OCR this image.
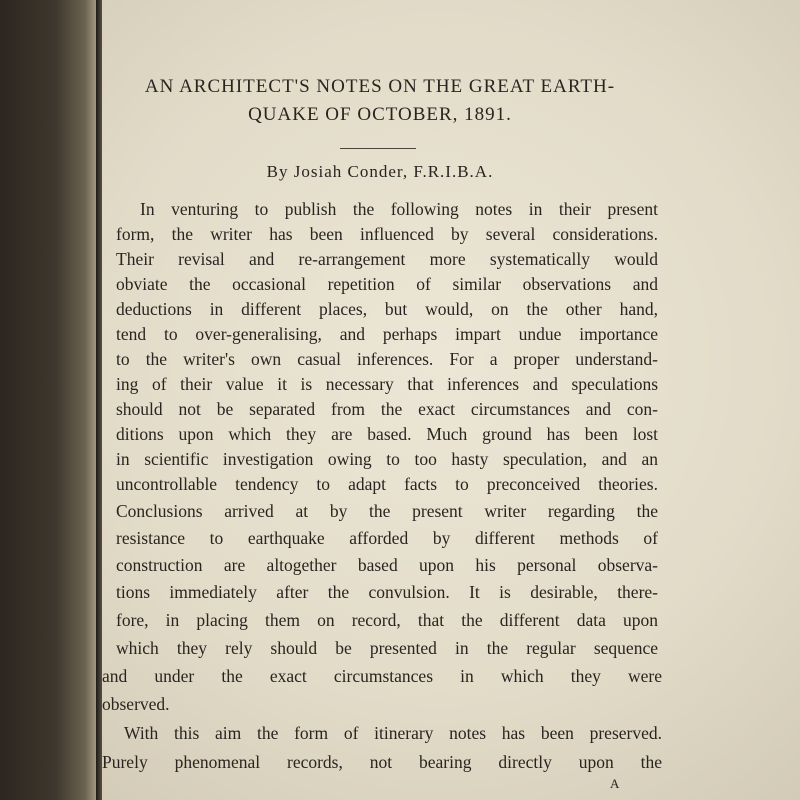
AN ARCHITECT'S NOTES ON THE GREAT EARTH-
QUAKE OF OCTOBER, 1891.
By Josiah Conder, F.R.I.B.A.
In venturing to publish the following notes in their present
form, the writer has been influenced by several considerations.
Their revisal and re-arrangement more systematically would
obviate the occasional repetition of similar observations and
deductions in different places, but would, on the other hand,
tend to over-generalising, and perhaps impart undue importance
to the writer's own casual inferences. For a proper understand-
ing of their value it is necessary that inferences and speculations
should not be separated from the exact circumstances and con-
ditions upon which they are based. Much ground has been lost
in scientific investigation owing to too hasty speculation, and an
uncontrollable tendency to adapt facts to preconceived theories.
Conclusions arrived at by the present writer regarding the
resistance to earthquake afforded by different methods of
construction are altogether based upon his personal observa-
tions immediately after the convulsion. It is desirable, there-
fore, in placing them on record, that the different data upon
which they rely should be presented in the regular sequence
and under the exact circumstances in which they were
observed.
With this aim the form of itinerary notes has been preserved.
Purely phenomenal records, not bearing directly upon the
A
